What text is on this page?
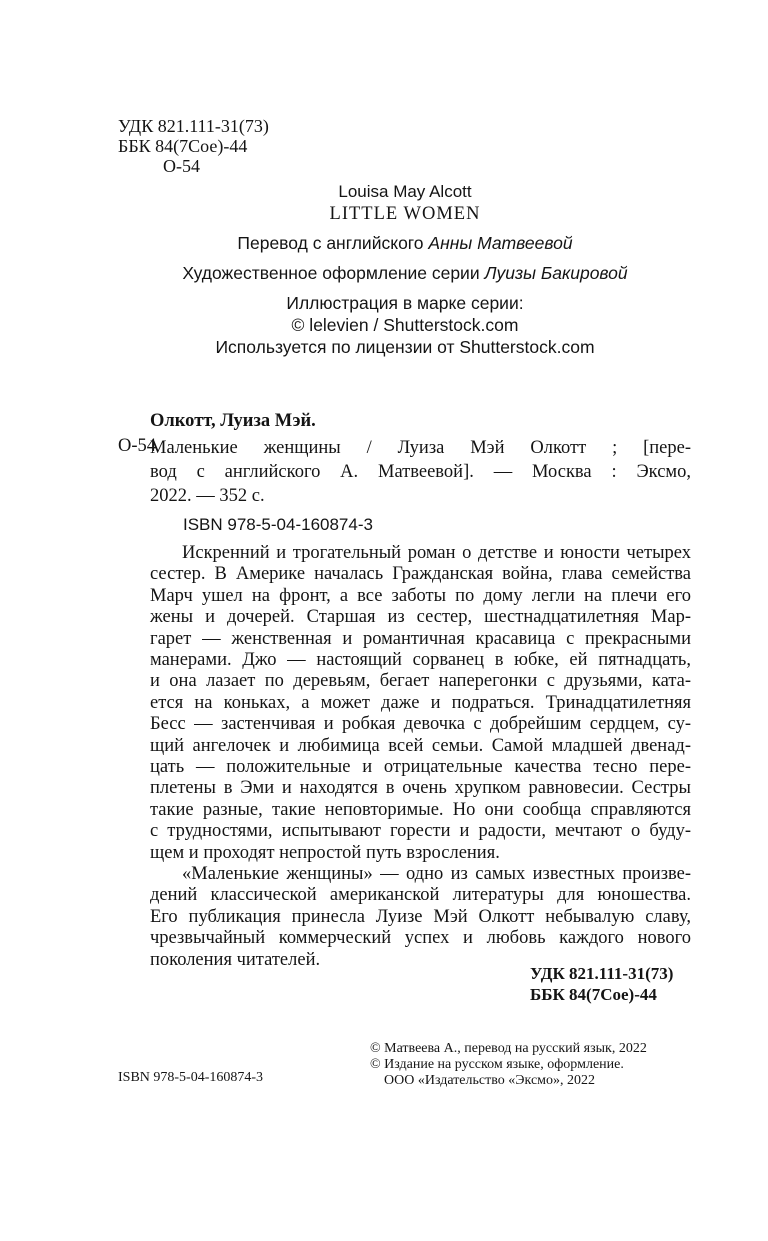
УДК 821.111-31(73)
ББК 84(7Сое)-44
О-54
Louisa May Alcott
LITTLE WOMEN
Перевод с английского Анны Матвеевой
Художественное оформление серии Луизы Бакировой
Иллюстрация в марке серии:
© lelevien / Shutterstock.com
Используется по лицензии от Shutterstock.com
Олкотт, Луиза Мэй.
О-54
Маленькие женщины / Луиза Мэй Олкотт ; [пере-
вод с английского А. Матвеевой]. — Москва : Эксмо,
2022. — 352 с.
ISBN 978-5-04-160874-3
Искренний и трогательный роман о детстве и юности четырех
сестер. В Америке началась Гражданская война, глава семейства
Марч ушел на фронт, а все заботы по дому легли на плечи его
жены и дочерей. Старшая из сестер, шестнадцатилетняя Мар-
гарет — женственная и романтичная красавица с прекрасными
манерами. Джо — настоящий сорванец в юбке, ей пятнадцать,
и она лазает по деревьям, бегает наперегонки с друзьями, ката-
ется на коньках, а может даже и подраться. Тринадцатилетняя
Бесс — застенчивая и робкая девочка с добрейшим сердцем, су-
щий ангелочек и любимица всей семьи. Самой младшей двенад-
цать — положительные и отрицательные качества тесно пере-
плетены в Эми и находятся в очень хрупком равновесии. Сестры
такие разные, такие неповторимые. Но они сообща справляются
с трудностями, испытывают горести и радости, мечтают о буду-
щем и проходят непростой путь взросления.
«Маленькие женщины» — одно из самых известных произве-
дений классической американской литературы для юношества.
Его публикация принесла Луизе Мэй Олкотт небывалую славу,
чрезвычайный коммерческий успех и любовь каждого нового
поколения читателей.
УДК 821.111-31(73)
ББК 84(7Сое)-44
© Матвеева А., перевод на русский язык, 2022
© Издание на русском языке, оформление.
ООО «Издательство «Эксмо», 2022
ISBN 978-5-04-160874-3
